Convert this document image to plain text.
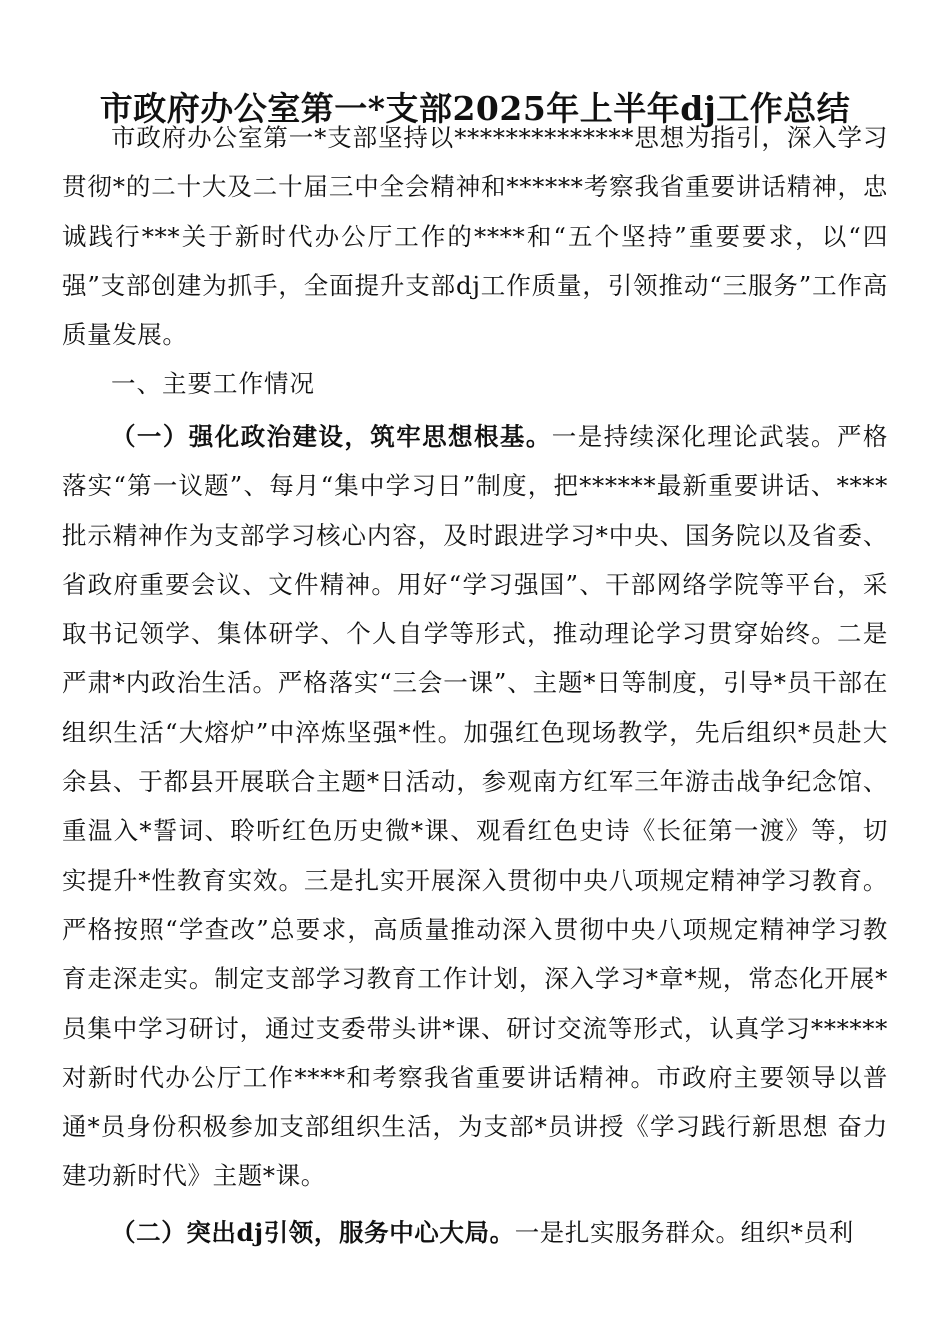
市政府办公室第一*支部2025年上半年dj工作总结

市政府办公室第一*支部坚持以**************思想为指引，深入学习贯彻*的二十大及二十届三中全会精神和******考察我省重要讲话精神，忠诚践行***关于新时代办公厅工作的****和“五个坚持”重要要求，以“四强”支部创建为抓手，全面提升支部dj工作质量，引领推动“三服务”工作高质量发展。

一、主要工作情况

（一）强化政治建设，筑牢思想根基。一是持续深化理论武装。严格落实“第一议题”、每月“集中学习日”制度，把******最新重要讲话、****批示精神作为支部学习核心内容，及时跟进学习*中央、国务院以及省委、省政府重要会议、文件精神。用好“学习强国”、干部网络学院等平台，采取书记领学、集体研学、个人自学等形式，推动理论学习贯穿始终。二是严肃*内政治生活。严格落实“三会一课”、主题*日等制度，引导*员干部在组织生活“大熔炉”中淬炼坚强*性。加强红色现场教学，先后组织*员赴大余县、于都县开展联合主题*日活动，参观南方红军三年游击战争纪念馆、重温入*誓词、聆听红色历史微*课、观看红色史诗《长征第一渡》等，切实提升*性教育实效。三是扎实开展深入贯彻中央八项规定精神学习教育。严格按照“学查改”总要求，高质量推动深入贯彻中央八项规定精神学习教育走深走实。制定支部学习教育工作计划，深入学习*章*规，常态化开展*员集中学习研讨，通过支委带头讲*课、研讨交流等形式，认真学习******对新时代办公厅工作****和考察我省重要讲话精神。市政府主要领导以普通*员身份积极参加支部组织生活，为支部*员讲授《学习践行新思想 奋力建功新时代》主题*课。

（二）突出dj引领，服务中心大局。一是扎实服务群众。组织*员利
